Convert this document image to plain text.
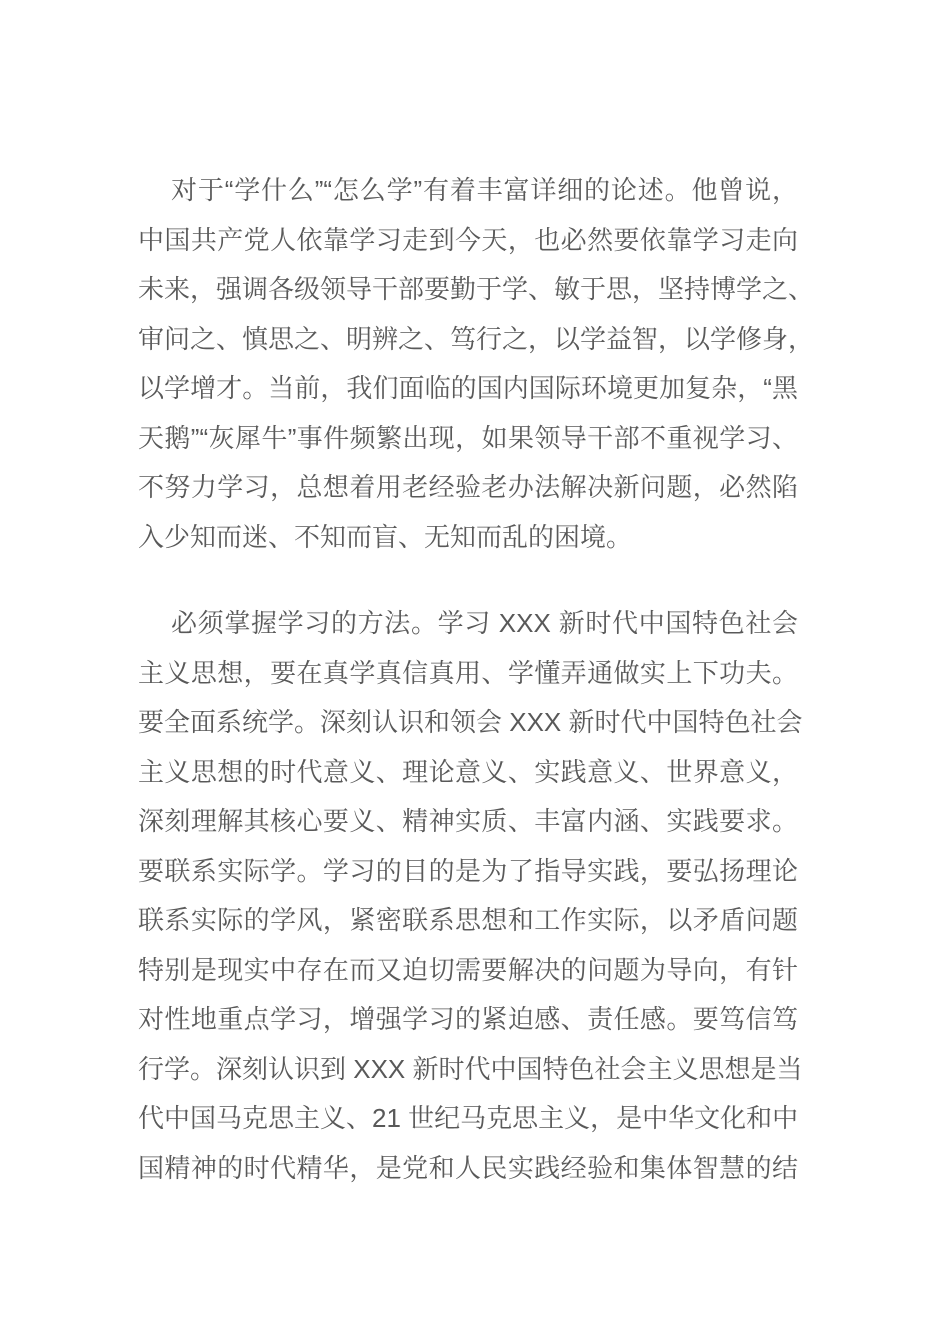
对于“学什么”“怎么学”有着丰富详细的论述。他曾说，
中国共产党人依靠学习走到今天，也必然要依靠学习走向
未来，强调各级领导干部要勤于学、敏于思，坚持博学之、
审问之、慎思之、明辨之、笃行之，以学益智，以学修身，
以学增才。当前，我们面临的国内国际环境更加复杂，“黑
天鹅”“灰犀牛”事件频繁出现，如果领导干部不重视学习、
不努力学习，总想着用老经验老办法解决新问题，必然陷
入少知而迷、不知而盲、无知而乱的困境。
必须掌握学习的方法。学习 XXX 新时代中国特色社会
主义思想，要在真学真信真用、学懂弄通做实上下功夫。
要全面系统学。深刻认识和领会 XXX 新时代中国特色社会
主义思想的时代意义、理论意义、实践意义、世界意义，
深刻理解其核心要义、精神实质、丰富内涵、实践要求。
要联系实际学。学习的目的是为了指导实践，要弘扬理论
联系实际的学风，紧密联系思想和工作实际，以矛盾问题
特别是现实中存在而又迫切需要解决的问题为导向，有针
对性地重点学习，增强学习的紧迫感、责任感。要笃信笃
行学。深刻认识到 XXX 新时代中国特色社会主义思想是当
代中国马克思主义、21 世纪马克思主义，是中华文化和中
国精神的时代精华，是党和人民实践经验和集体智慧的结
